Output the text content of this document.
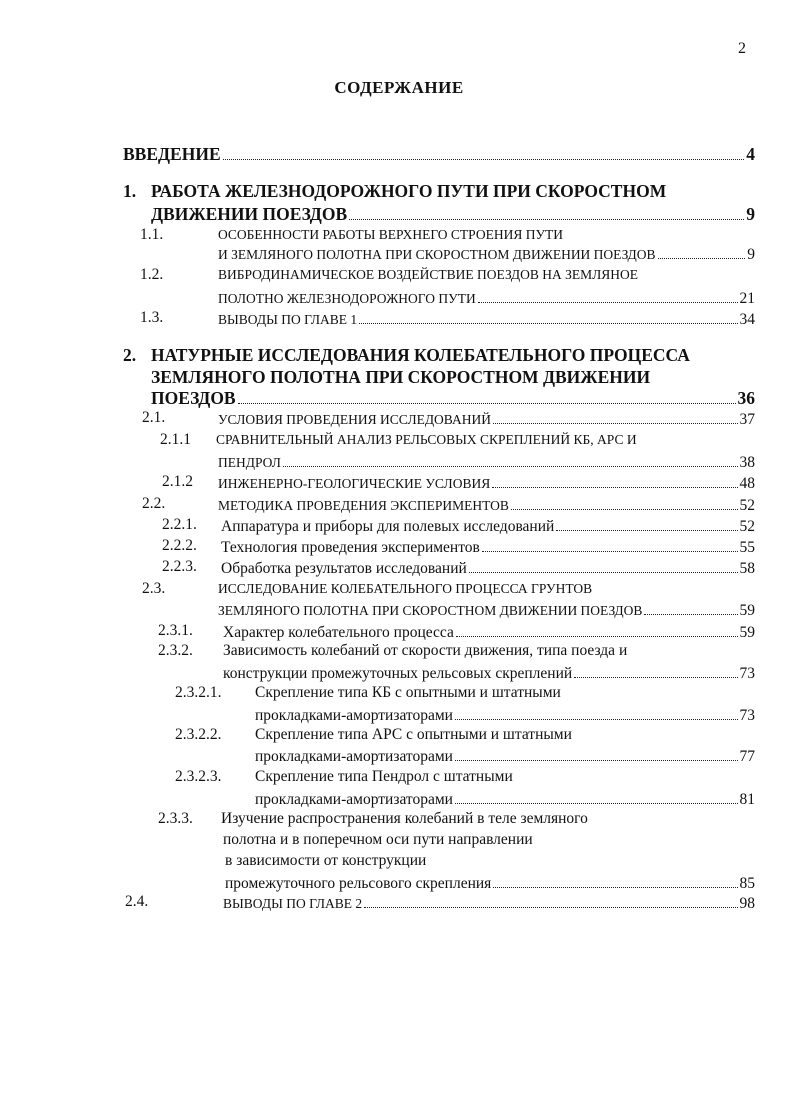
2
СОДЕРЖАНИЕ
ВВЕДЕНИЕ	4
1. РАБОТА ЖЕЛЕЗНОДОРОЖНОГО ПУТИ ПРИ СКОРОСТНОМ
ДВИЖЕНИИ ПОЕЗДОВ	9
1.1.	ОСОБЕННОСТИ РАБОТЫ ВЕРХНЕГО СТРОЕНИЯ ПУТИ
И ЗЕМЛЯНОГО ПОЛОТНА ПРИ СКОРОСТНОМ ДВИЖЕНИИ ПОЕЗДОВ	9
1.2.	ВИБРОДИНАМИЧЕСКОЕ ВОЗДЕЙСТВИЕ ПОЕЗДОВ НА ЗЕМЛЯНОЕ
ПОЛОТНО ЖЕЛЕЗНОДОРОЖНОГО ПУТИ	21
1.3.	ВЫВОДЫ ПО ГЛАВЕ 1	34
2. НАТУРНЫЕ ИССЛЕДОВАНИЯ КОЛЕБАТЕЛЬНОГО ПРОЦЕССА
ЗЕМЛЯНОГО ПОЛОТНА ПРИ СКОРОСТНОМ ДВИЖЕНИИ
ПОЕЗДОВ	36
2.1.	УСЛОВИЯ ПРОВЕДЕНИЯ ИССЛЕДОВАНИЙ	37
2.1.1 СРАВНИТЕЛЬНЫЙ АНАЛИЗ РЕЛЬСОВЫХ СКРЕПЛЕНИЙ КБ, АРС И
ПЕНДРОЛ	38
2.1.2 ИНЖЕНЕРНО-ГЕОЛОГИЧЕСКИЕ УСЛОВИЯ	48
2.2.	МЕТОДИКА ПРОВЕДЕНИЯ ЭКСПЕРИМЕНТОВ	52
2.2.1. Аппаратура и приборы для полевых исследований	52
2.2.2. Технология проведения экспериментов	55
2.2.3. Обработка результатов исследований	58
2.3.	ИССЛЕДОВАНИЕ КОЛЕБАТЕЛЬНОГО ПРОЦЕССА ГРУНТОВ
ЗЕМЛЯНОГО ПОЛОТНА ПРИ СКОРОСТНОМ ДВИЖЕНИИ ПОЕЗДОВ	59
2.3.1. Характер колебательного процесса	59
2.3.2. Зависимость колебаний от скорости движения, типа поезда и
конструкции промежуточных рельсовых скреплений	73
2.3.2.1. Скрепление типа КБ с опытными и штатными
прокладками-амортизаторами	73
2.3.2.2. Скрепление типа АРС с опытными и штатными
прокладками-амортизаторами	77
2.3.2.3. Скрепление типа Пендрол с штатными
прокладками-амортизаторами	81
2.3.3. Изучение распространения колебаний в теле земляного
полотна и в поперечном оси пути направлении
в зависимости от конструкции
промежуточного рельсового скрепления	85
2.4.	ВЫВОДЫ ПО ГЛАВЕ 2	98
